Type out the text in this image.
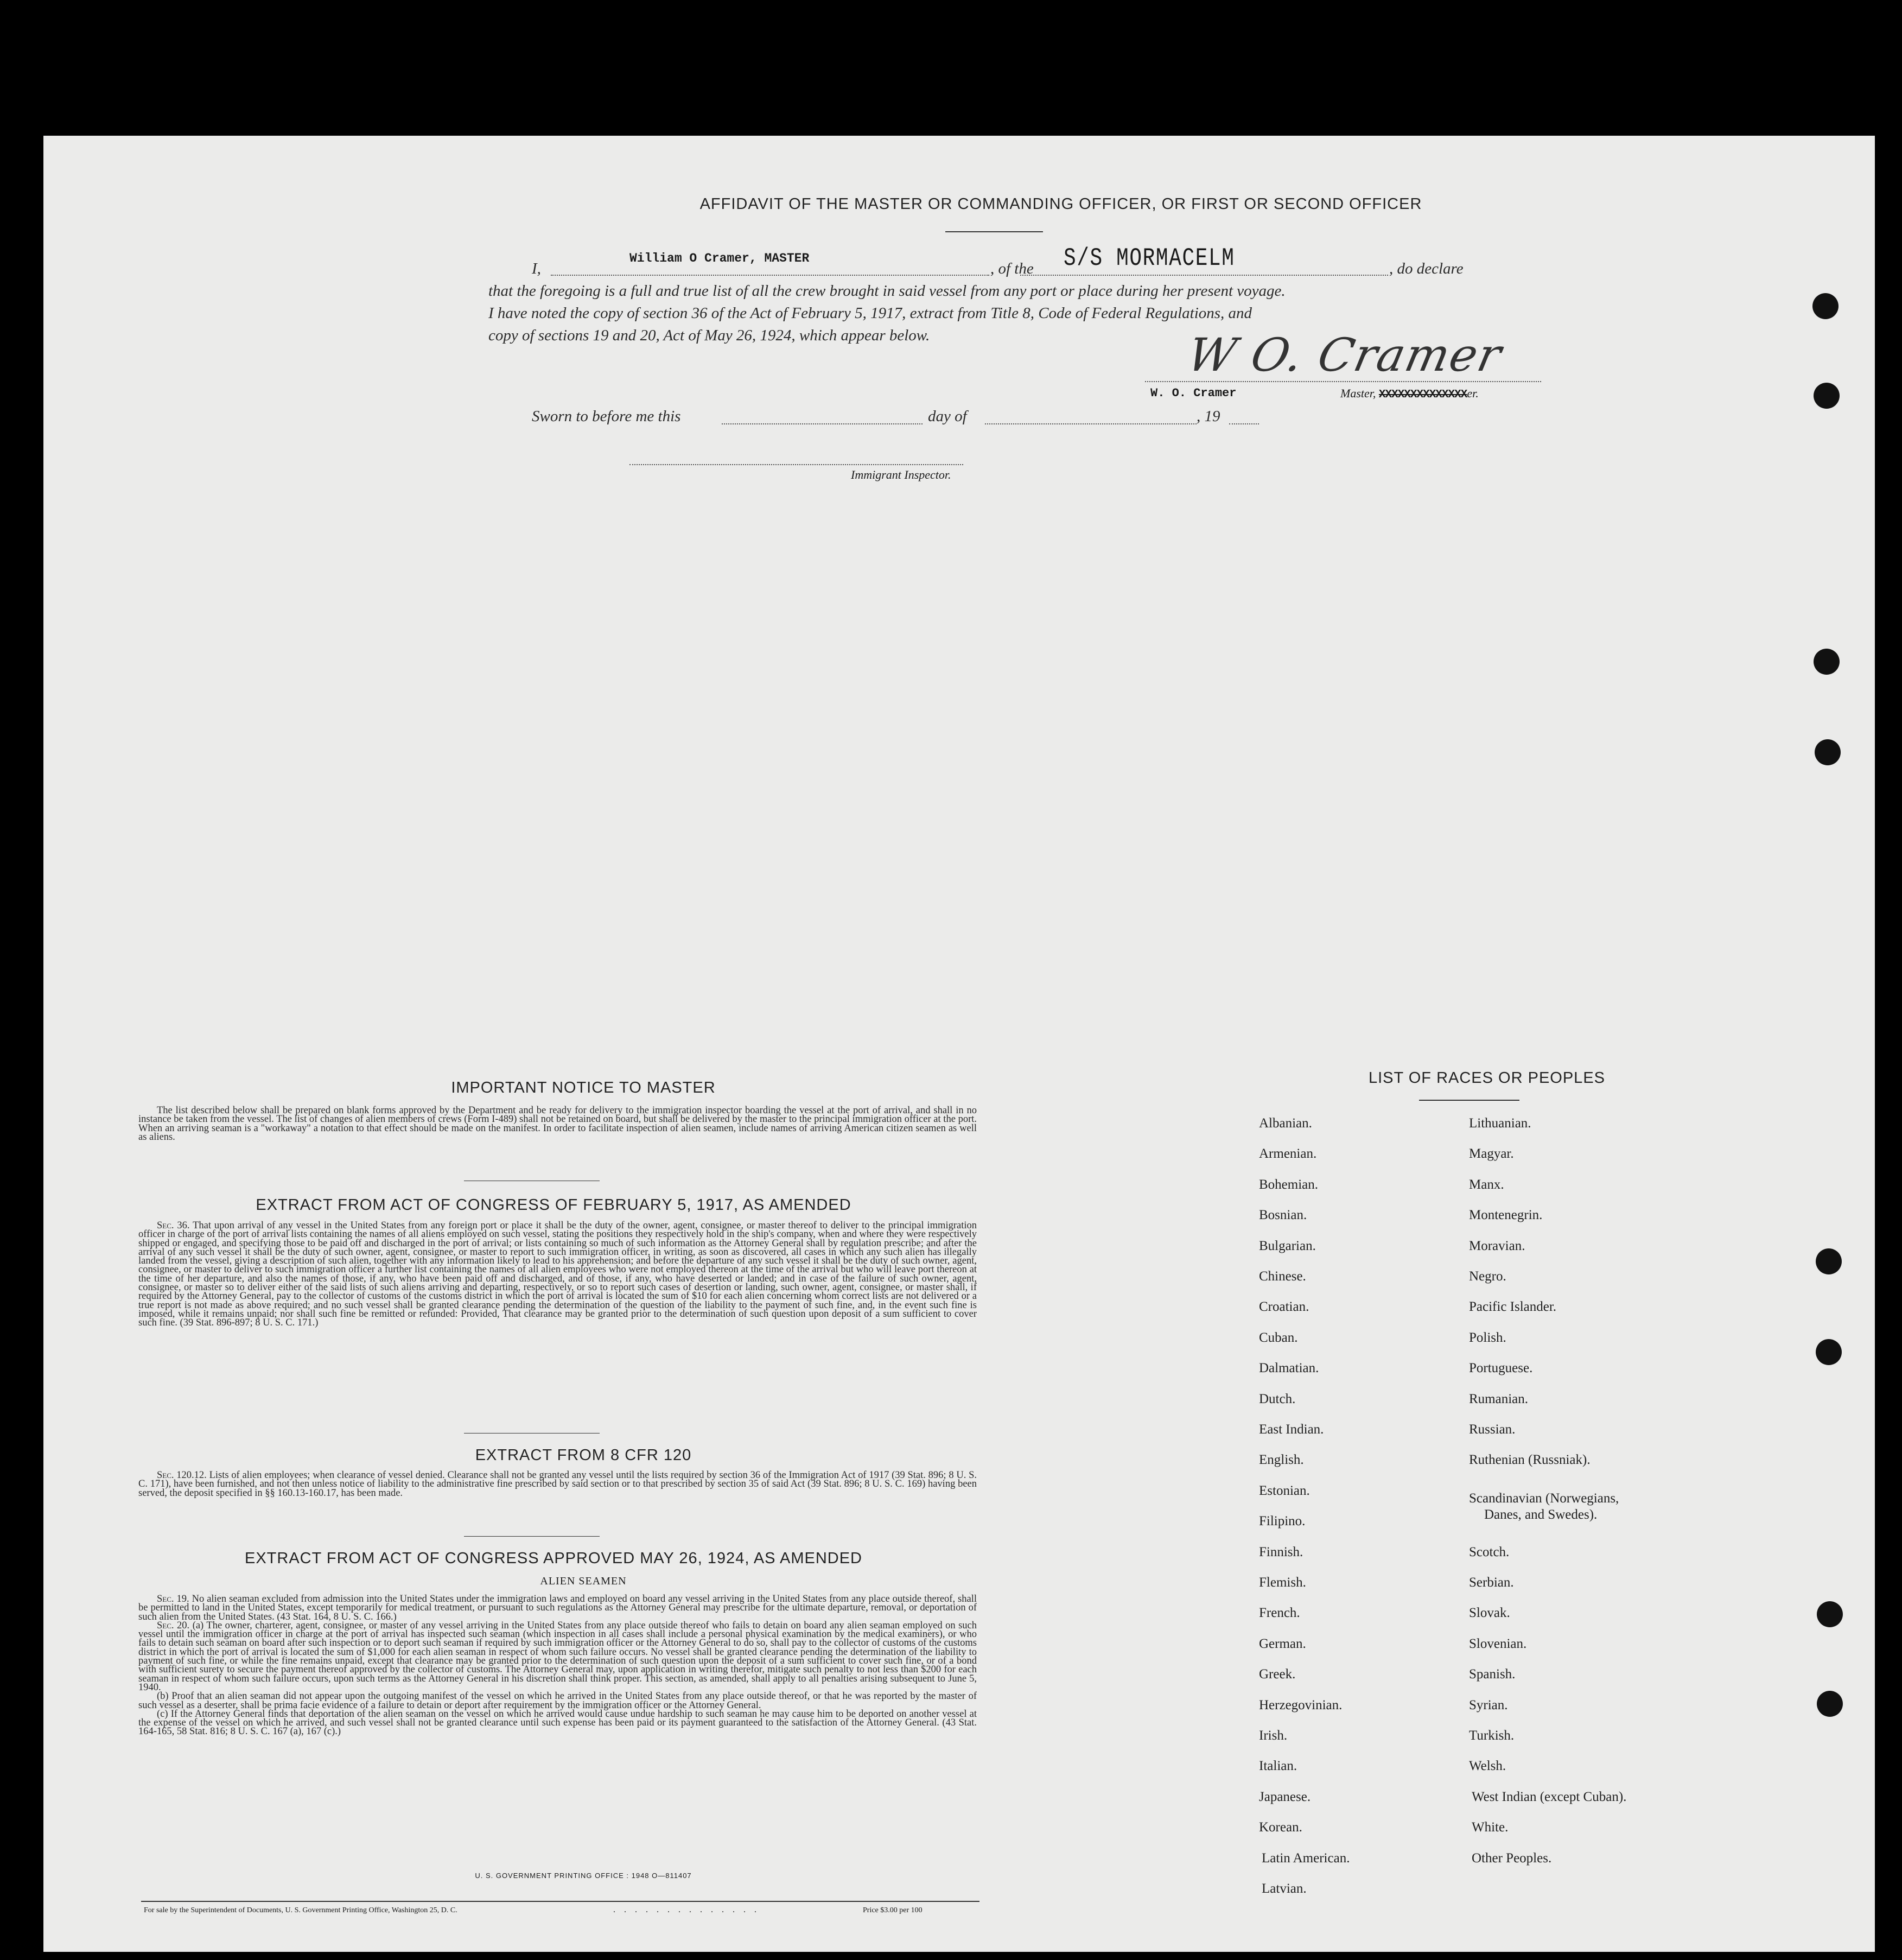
AFFIDAVIT OF THE MASTER OR COMMANDING OFFICER, OR FIRST OR SECOND OFFICER
I,
William O Cramer, MASTER
, of the S/S MORMACELM	, do declare
that the foregoing is a full and true list of all the crew brought in said vessel from any port or place during her present voyage.
I have noted the copy of section 36 of the Act of February 5, 1917, extract from Title 8, Code of Federal Regulations, and
copy of sections 19 and 20, Act of May 26, 1924, which appear below.	W O. Cramer
W. O. Cramer	Master, XXXXXXXXXXXXXXer.
Sworn to before me this	day of	, 19
Immigrant Inspector.
IMPORTANT NOTICE TO MASTER

The list described below shall be prepared on blank forms approved by the Department and be ready for delivery to the immigration inspector boarding the vessel at the port of arrival, and shall in no instance be taken from the vessel. The list of changes of alien members of crews (Form I-489) shall not be retained on board, but shall be delivered by the master to the principal immigration officer at the port. When an arriving seaman is a "workaway" a notation to that effect should be made on the manifest. In order to facilitate inspection of alien seamen, include names of arriving American citizen seamen as well as aliens.

EXTRACT FROM ACT OF CONGRESS OF FEBRUARY 5, 1917, AS AMENDED

Sec. 36. That upon arrival of any vessel in the United States from any foreign port or place it shall be the duty of the owner, agent, consignee, or master thereof to deliver to the principal immigration officer in charge of the port of arrival lists containing the names of all aliens employed on such vessel, stating the positions they respectively hold in the ship's company, when and where they were respectively shipped or engaged, and specifying those to be paid off and discharged in the port of arrival; or lists containing so much of such information as the Attorney General shall by regulation prescribe; and after the arrival of any such vessel it shall be the duty of such owner, agent, consignee, or master to report to such immigration officer, in writing, as soon as discovered, all cases in which any such alien has illegally landed from the vessel, giving a description of such alien, together with any information likely to lead to his apprehension; and before the departure of any such vessel it shall be the duty of such owner, agent, consignee, or master to deliver to such immigration officer a further list containing the names of all alien employees who were not employed thereon at the time of the arrival but who will leave port thereon at the time of her departure, and also the names of those, if any, who have been paid off and discharged, and of those, if any, who have deserted or landed; and in case of the failure of such owner, agent, consignee, or master so to deliver either of the said lists of such aliens arriving and departing, respectively, or so to report such cases of desertion or landing, such owner, agent, consignee, or master shall, if required by the Attorney General, pay to the collector of customs of the customs district in which the port of arrival is located the sum of $10 for each alien concerning whom correct lists are not delivered or a true report is not made as above required; and no such vessel shall be granted clearance pending the determination of the question of the liability to the payment of such fine, and, in the event such fine is imposed, while it remains unpaid; nor shall such fine be remitted or refunded: Provided, That clearance may be granted prior to the determination of such question upon deposit of a sum sufficient to cover such fine. (39 Stat. 896-897; 8 U. S. C. 171.)

EXTRACT FROM 8 CFR 120

Sec. 120.12. Lists of alien employees; when clearance of vessel denied. Clearance shall not be granted any vessel until the lists required by section 36 of the Immigration Act of 1917 (39 Stat. 896; 8 U. S. C. 171), have been furnished, and not then unless notice of liability to the administrative fine prescribed by said section or to that prescribed by section 35 of said Act (39 Stat. 896; 8 U. S. C. 169) having been served, the deposit specified in §§ 160.13-160.17, has been made.

EXTRACT FROM ACT OF CONGRESS APPROVED MAY 26, 1924, AS AMENDED
ALIEN SEAMEN

Sec. 19. No alien seaman excluded from admission into the United States under the immigration laws and employed on board any vessel arriving in the United States from any place outside thereof, shall be permitted to land in the United States, except temporarily for medical treatment, or pursuant to such regulations as the Attorney General may prescribe for the ultimate departure, removal, or deportation of such alien from the United States. (43 Stat. 164, 8 U. S. C. 166.)

Sec. 20. (a) The owner, charterer, agent, consignee, or master of any vessel arriving in the United States from any place outside thereof who fails to detain on board any alien seaman employed on such vessel until the immigration officer in charge at the port of arrival has inspected such seaman (which inspection in all cases shall include a personal physical examination by the medical examiners), or who fails to detain such seaman on board after such inspection or to deport such seaman if required by such immigration officer or the Attorney General to do so, shall pay to the collector of customs of the customs district in which the port of arrival is located the sum of $1,000 for each alien seaman in respect of whom such failure occurs. No vessel shall be granted clearance pending the determination of the liability to payment of such fine, or while the fine remains unpaid, except that clearance may be granted prior to the determination of such question upon the deposit of a sum sufficient to cover such fine, or of a bond with sufficient surety to secure the payment thereof approved by the collector of customs. The Attorney General may, upon application in writing therefor, mitigate such penalty to not less than $200 for each seaman in respect of whom such failure occurs, upon such terms as the Attorney General in his discretion shall think proper. This section, as amended, shall apply to all penalties arising subsequent to June 5, 1940.

(b) Proof that an alien seaman did not appear upon the outgoing manifest of the vessel on which he arrived in the United States from any place outside thereof, or that he was reported by the master of such vessel as a deserter, shall be prima facie evidence of a failure to detain or deport after requirement by the immigration officer or the Attorney General.

(c) If the Attorney General finds that deportation of the alien seaman on the vessel on which he arrived would cause undue hardship to such seaman he may cause him to be deported on another vessel at the expense of the vessel on which he arrived, and such vessel shall not be granted clearance until such expense has been paid or its payment guaranteed to the satisfaction of the Attorney General. (43 Stat. 164-165, 58 Stat. 816; 8 U. S. C. 167 (a), 167 (c).)

U. S. GOVERNMENT PRINTING OFFICE : 1948 O—811407
For sale by the Superintendent of Documents, U. S. Government Printing Office, Washington 25, D. C.	. . . . . . . . . . . . . .	Price $3.00 per 100
LIST OF RACES OR PEOPLES
Albanian.
Armenian.
Bohemian.
Bosnian.
Bulgarian.
Chinese.
Croatian.
Cuban.
Dalmatian.
Dutch.
East Indian.
English.
Estonian.
Filipino.
Finnish.
Flemish.
French.
German.
Greek.
Herzegovinian.
Irish.
Italian.
Japanese.
Korean.
Latin American.
Latvian.
Lithuanian.
Magyar.
Manx.
Montenegrin.
Moravian.
Negro.
Pacific Islander.
Polish.
Portuguese.
Rumanian.
Russian.
Ruthenian (Russniak).
Scandinavian (Norwegians,
Danes, and Swedes).
Scotch.
Serbian.
Slovak.
Slovenian.
Spanish.
Syrian.
Turkish.
Welsh.
West Indian (except Cuban).
White.
Other Peoples.
